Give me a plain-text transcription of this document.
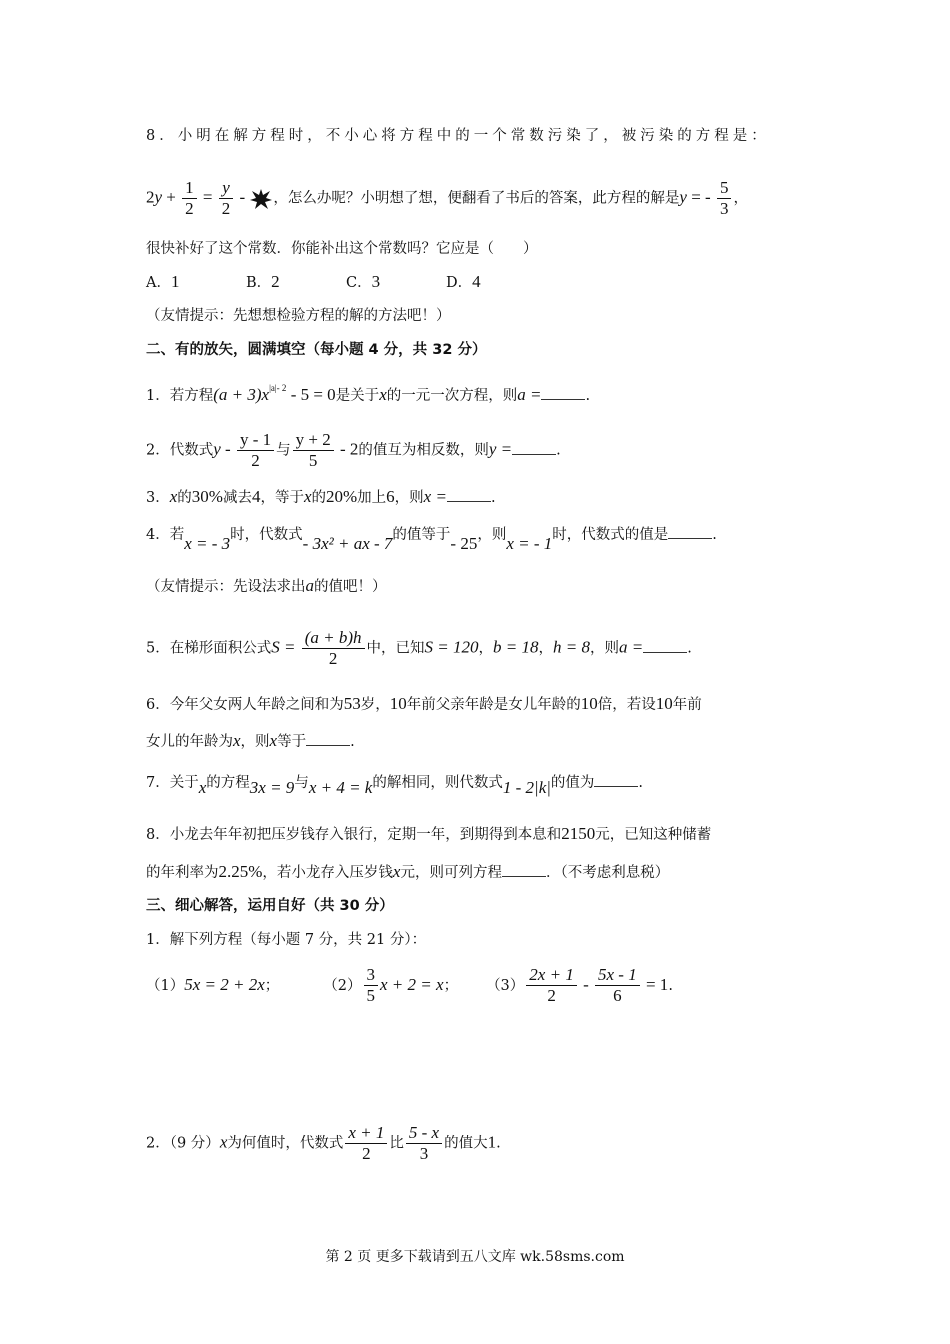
8．小明在解方程时，不小心将方程中的一个常数污染了，被污染的方程是：
$2y + \frac{1}{2} = \frac{y}{2}$ - ，怎么办呢？小明想了想，便翻看了书后的答案，此方程的解是y = - $\frac{5}{3}$ ，
很快补好了这个常数．你能补出这个常数吗？它应是（　　）
A．1	B．2	C．3	D．4
（友情提示：先想想检验方程的解的方法吧！）
二、有的放矢，圆满填空（每小题 4 分，共 32 分）
1．若方程$(a + 3)x^{|a|- 2} - 5 = 0$是关于x的一元一次方程，则a =	.
2．代数式y - $\frac{y - 1}{2}$ 与 $\frac{y + 2}{5} - 2$的值互为相反数，则y =	.
3．x的30%减去4，等于x的20%加上6，则x =	.
4．若x = - 3时，代数式- 3x² + ax - 7的值等于- 25，则x = - 1时，代数式的值是	.
（友情提示：先设法求出a的值吧！）
5．在梯形面积公式$S = \frac{(a + b)h}{2}$ 中，已知S = 120，b = 18，h = 8，则a =	.
6．今年父女两人年龄之间和为53岁，10年前父亲年龄是女儿年龄的10倍，若设10年前
女儿的年龄为x，则x等于	.
7．关于x的方程3x = 9与x + 4 = k的解相同，则代数式1 - 2|k|的值为	.
8．小龙去年年初把压岁钱存入银行，定期一年，到期得到本息和2150元，已知这种储蓄
的年利率为2.25%，若小龙存入压岁钱x元，则可列方程	．（不考虑利息税）
三、细心解答，运用自好（共 30 分）
1．解下列方程（每小题 7 分，共 21 分）：
（1）5x = 2 + 2x；	$(2) \frac{3}{5}$ x + 2 = x； $(3) \frac{2x + 1}{2} - \frac{5x - 1}{6} = 1$.
2．（9 分）x为何值时，代数式 $\frac{x + 1}{2}$ 比 $\frac{5 - x}{3}$ 的值大1.
第 2 页 更多下载请到五八文库 wk.58sms.com
